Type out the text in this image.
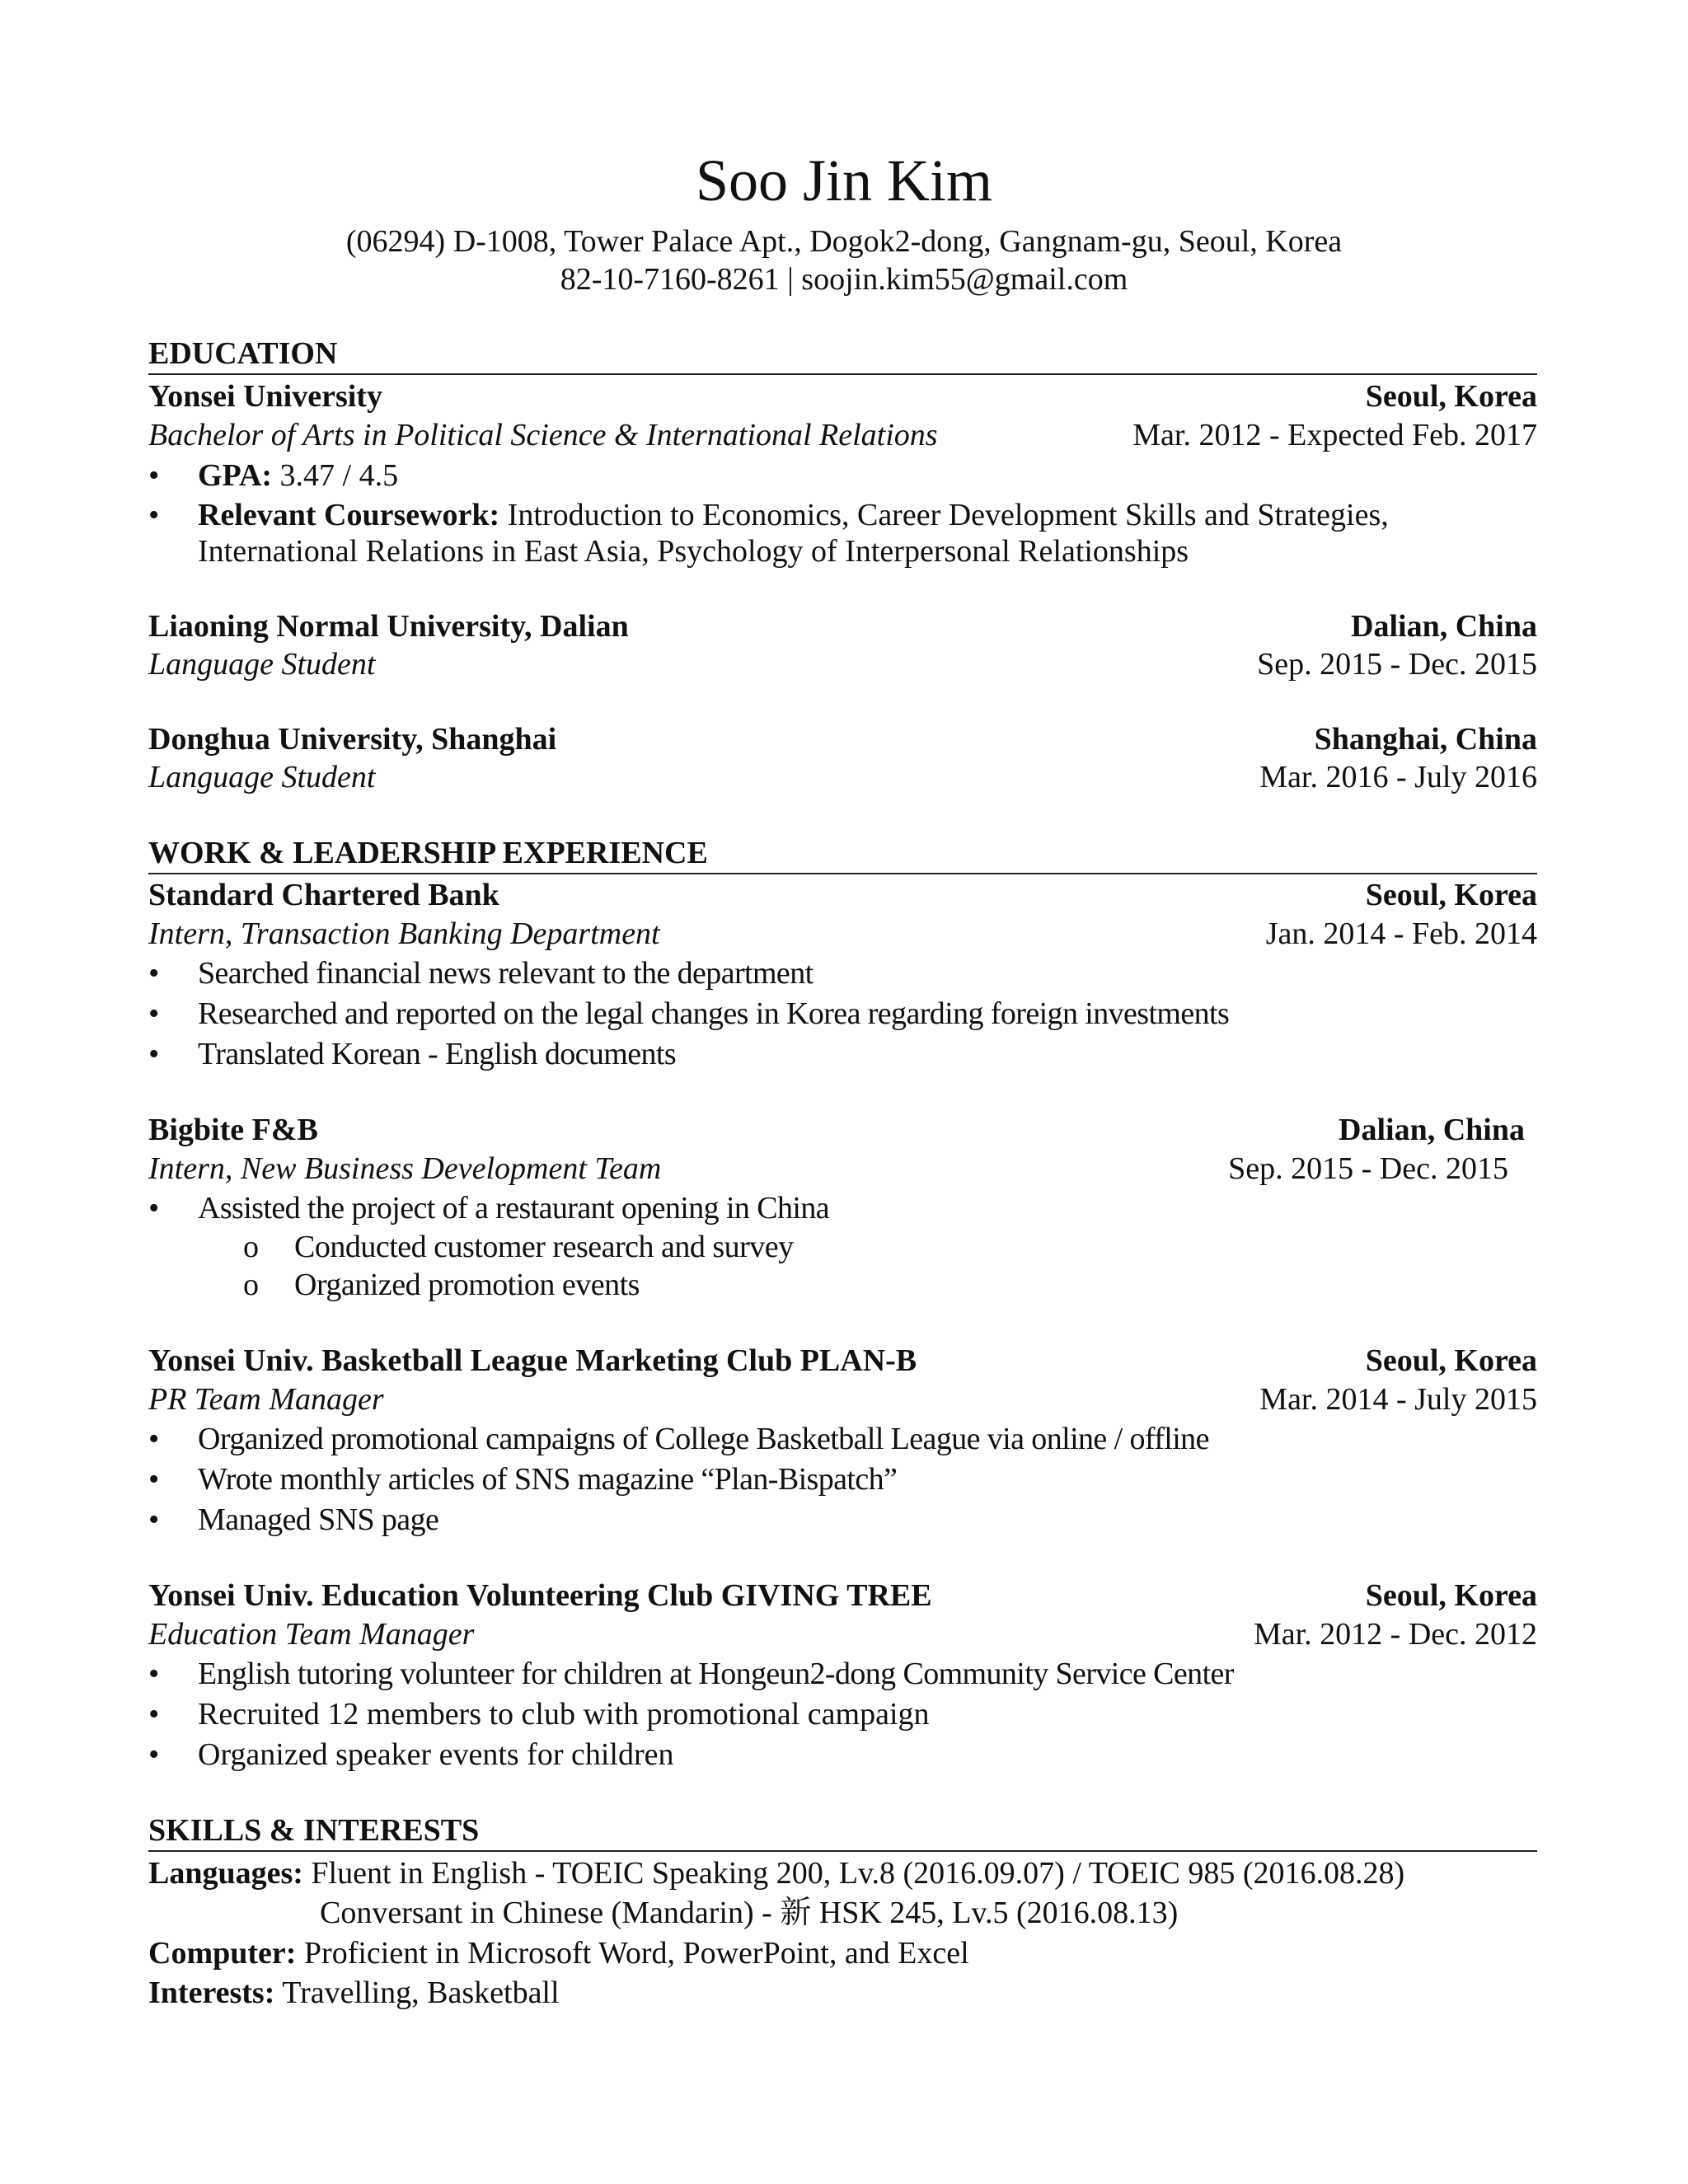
Soo Jin Kim
(06294) D-1008, Tower Palace Apt., Dogok2-dong, Gangnam-gu, Seoul, Korea
82-10-7160-8261 | soojin.kim55@gmail.com
EDUCATION
Yonsei University	Seoul, Korea
Bachelor of Arts in Political Science & International Relations	Mar. 2012 - Expected Feb. 2017
• GPA: 3.47 / 4.5
• Relevant Coursework: Introduction to Economics, Career Development Skills and Strategies,
International Relations in East Asia, Psychology of Interpersonal Relationships
Liaoning Normal University, Dalian	Dalian, China
Language Student	Sep. 2015 - Dec. 2015
Donghua University, Shanghai	Shanghai, China
Language Student	Mar. 2016 - July 2016
WORK & LEADERSHIP EXPERIENCE
Standard Chartered Bank	Seoul, Korea
Intern, Transaction Banking Department	Jan. 2014 - Feb. 2014
• Searched financial news relevant to the department
• Researched and reported on the legal changes in Korea regarding foreign investments
• Translated Korean - English documents
Bigbite F&B	Dalian, China
Intern, New Business Development Team	Sep. 2015 - Dec. 2015
• Assisted the project of a restaurant opening in China
o Conducted customer research and survey
o Organized promotion events
Yonsei Univ. Basketball League Marketing Club PLAN-B	Seoul, Korea
PR Team Manager	Mar. 2014 - July 2015
• Organized promotional campaigns of College Basketball League via online / offline
• Wrote monthly articles of SNS magazine “Plan-Bispatch”
• Managed SNS page
Yonsei Univ. Education Volunteering Club GIVING TREE	Seoul, Korea
Education Team Manager	Mar. 2012 - Dec. 2012
• English tutoring volunteer for children at Hongeun2-dong Community Service Center
• Recruited 12 members to club with promotional campaign
• Organized speaker events for children
SKILLS & INTERESTS
Languages: Fluent in English - TOEIC Speaking 200, Lv.8 (2016.09.07) / TOEIC 985 (2016.08.28)
Conversant in Chinese (Mandarin) - 新 HSK 245, Lv.5 (2016.08.13)
Computer: Proficient in Microsoft Word, PowerPoint, and Excel
Interests: Travelling, Basketball
